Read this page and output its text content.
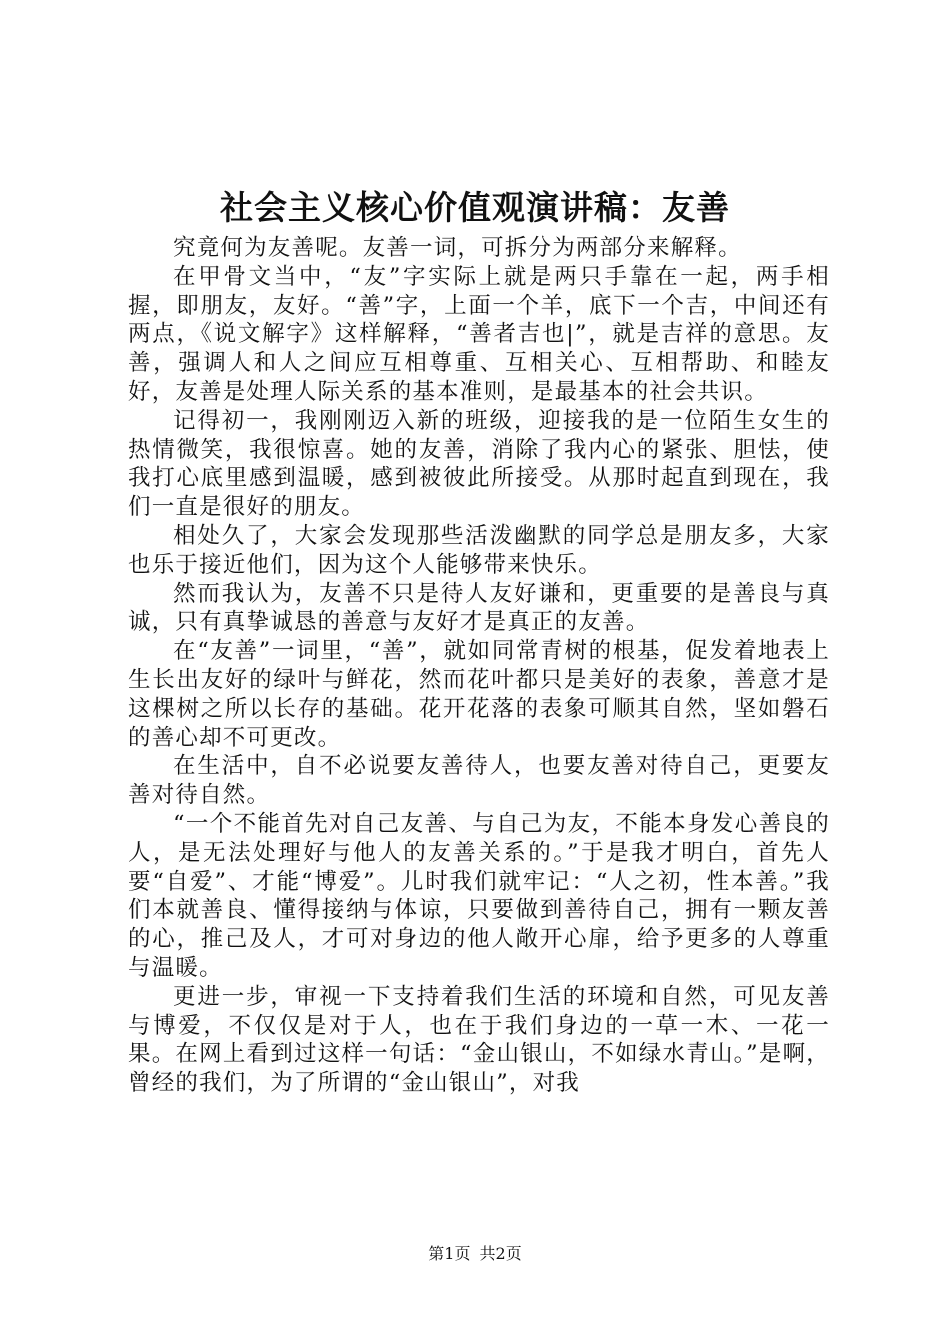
社会主义核心价值观演讲稿：友善

究竟何为友善呢。友善一词，可拆分为两部分来解释。

在甲骨文当中，“友”字实际上就是两只手靠在一起，两手相握，即朋友，友好。“善”字，上面一个羊，底下一个吉，中间还有两点，《说文解字》这样解释，“善者吉也|”，就是吉祥的意思。友善，强调人和人之间应互相尊重、互相关心、互相帮助、和睦友好，友善是处理人际关系的基本准则，是最基本的社会共识。

记得初一，我刚刚迈入新的班级，迎接我的是一位陌生女生的热情微笑，我很惊喜。她的友善，消除了我内心的紧张、胆怯，使我打心底里感到温暖，感到被彼此所接受。从那时起直到现在，我们一直是很好的朋友。

相处久了，大家会发现那些活泼幽默的同学总是朋友多，大家也乐于接近他们，因为这个人能够带来快乐。

然而我认为，友善不只是待人友好谦和，更重要的是善良与真诚，只有真挚诚恳的善意与友好才是真正的友善。

在“友善”一词里，“善”，就如同常青树的根基，促发着地表上生长出友好的绿叶与鲜花，然而花叶都只是美好的表象，善意才是这棵树之所以长存的基础。花开花落的表象可顺其自然，坚如磐石的善心却不可更改。

在生活中，自不必说要友善待人，也要友善对待自己，更要友善对待自然。

“一个不能首先对自己友善、与自己为友，不能本身发心善良的人，是无法处理好与他人的友善关系的。”于是我才明白，首先人要“自爱”、才能“博爱”。儿时我们就牢记：“人之初，性本善。”我们本就善良、懂得接纳与体谅，只要做到善待自己，拥有一颗友善的心，推己及人，才可对身边的他人敞开心扉，给予更多的人尊重与温暖。

更进一步，审视一下支持着我们生活的环境和自然，可见友善与博爱，不仅仅是对于人，也在于我们身边的一草一木、一花一果。在网上看到过这样一句话：“金山银山，不如绿水青山。”是啊，曾经的我们，为了所谓的“金山银山”，对我

第1页 共2页
